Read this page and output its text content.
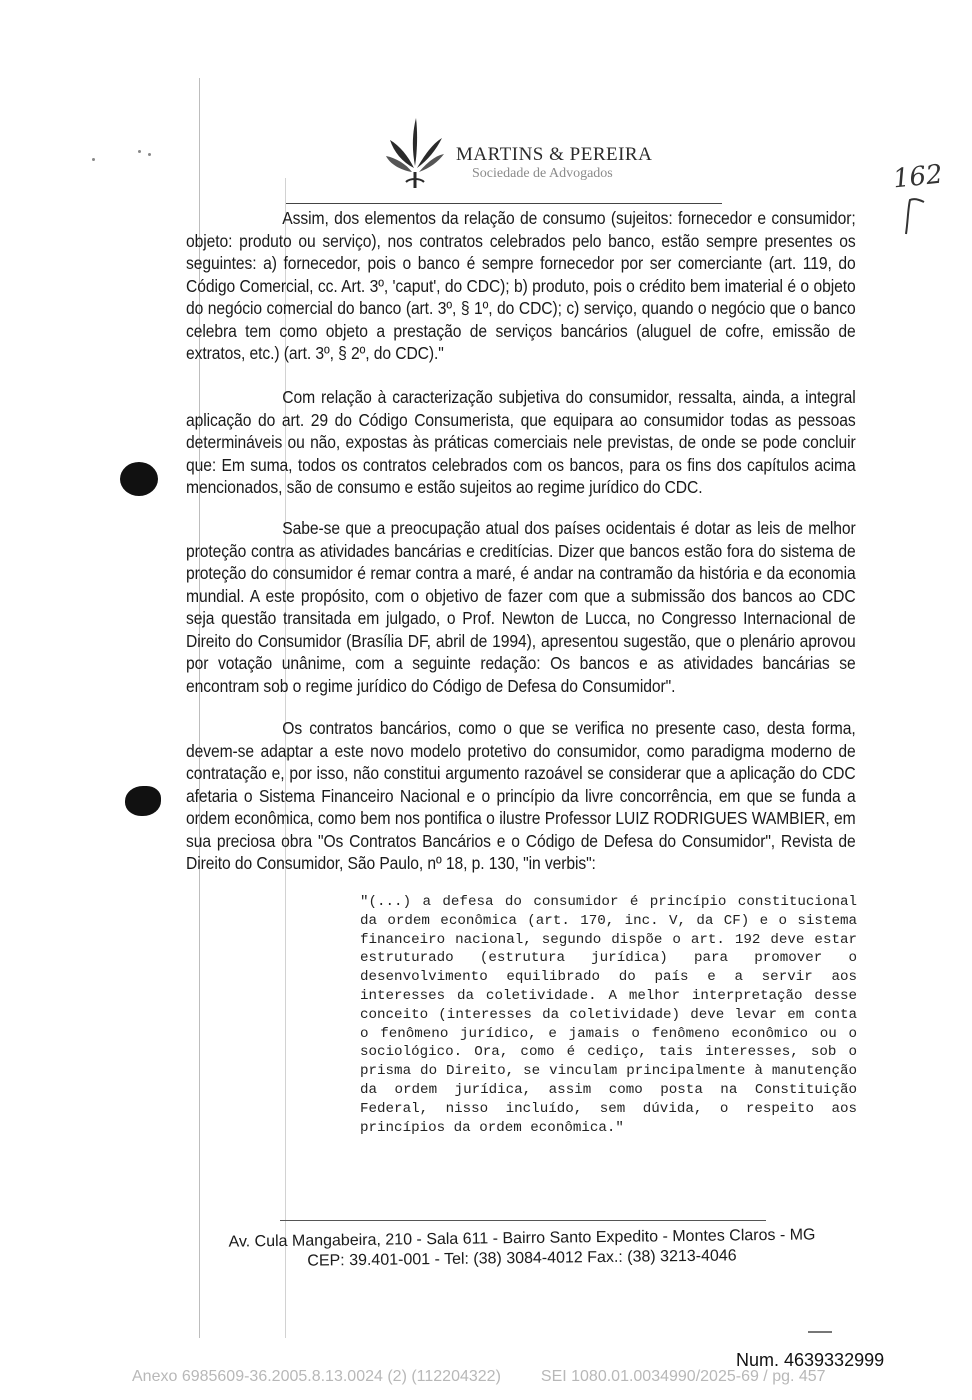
MARTINS & PEREIRA
Sociedade de Advogados	162
Assim, dos elementos da relação de consumo (sujeitos: fornecedor e consumidor; objeto: produto ou serviço), nos contratos celebrados pelo banco, estão sempre presentes os seguintes: a) fornecedor, pois o banco é sempre fornecedor por ser comerciante (art. 119, do Código Comercial, cc. Art. 3º, 'caput', do CDC); b) produto, pois o crédito bem imaterial é o objeto do negócio comercial do banco (art. 3º, § 1º, do CDC); c) serviço, quando o negócio que o banco celebra tem como objeto a prestação de serviços bancários (aluguel de cofre, emissão de extratos, etc.) (art. 3º, § 2º, do CDC)."
Com relação à caracterização subjetiva do consumidor, ressalta, ainda, a integral aplicação do art. 29 do Código Consumerista, que equipara ao consumidor todas as pessoas determináveis ou não, expostas às práticas comerciais nele previstas, de onde se pode concluir que: Em suma, todos os contratos celebrados com os bancos, para os fins dos capítulos acima mencionados, são de consumo e estão sujeitos ao regime jurídico do CDC.
Sabe-se que a preocupação atual dos países ocidentais é dotar as leis de melhor proteção contra as atividades bancárias e creditícias. Dizer que bancos estão fora do sistema de proteção do consumidor é remar contra a maré, é andar na contramão da história e da economia mundial. A este propósito, com o objetivo de fazer com que a submissão dos bancos ao CDC seja questão transitada em julgado, o Prof. Newton de Lucca, no Congresso Internacional de Direito do Consumidor (Brasília DF, abril de 1994), apresentou sugestão, que o plenário aprovou por votação unânime, com a seguinte redação: Os bancos e as atividades bancárias se encontram sob o regime jurídico do Código de Defesa do Consumidor".
Os contratos bancários, como o que se verifica no presente caso, desta forma, devem-se adaptar a este novo modelo protetivo do consumidor, como paradigma moderno de contratação e, por isso, não constitui argumento razoável se considerar que a aplicação do CDC afetaria o Sistema Financeiro Nacional e o princípio da livre concorrência, em que se funda a ordem econômica, como bem nos pontifica o ilustre Professor LUIZ RODRIGUES WAMBIER, em sua preciosa obra "Os Contratos Bancários e o Código de Defesa do Consumidor", Revista de Direito do Consumidor, São Paulo, nº 18, p. 130, "in verbis":
"(...) a defesa do consumidor é princípio constitucional da ordem econômica (art. 170, inc. V, da CF) e o sistema financeiro nacional, segundo dispõe o art. 192 deve estar estruturado (estrutura jurídica) para promover o desenvolvimento equilibrado do país e a servir aos interesses da coletividade. A melhor interpretação desse conceito (interesses da coletividade) deve levar em conta o fenômeno jurídico, e jamais o fenômeno econômico ou o sociológico. Ora, como é cediço, tais interesses, sob o prisma do Direito, se vinculam principalmente à manutenção da ordem jurídica, assim como posta na Constituição Federal, nisso incluído, sem dúvida, o respeito aos princípios da ordem econômica."
Av. Cula Mangabeira, 210 - Sala 611 - Bairro Santo Expedito - Montes Claros - MG
CEP: 39.401-001 - Tel: (38) 3084-4012 Fax.: (38) 3213-4046
Num. 4639332999
Anexo 6985609-36.2005.8.13.0024 (2) (112204322)	SEI 1080.01.0034990/2025-69 / pg. 457
